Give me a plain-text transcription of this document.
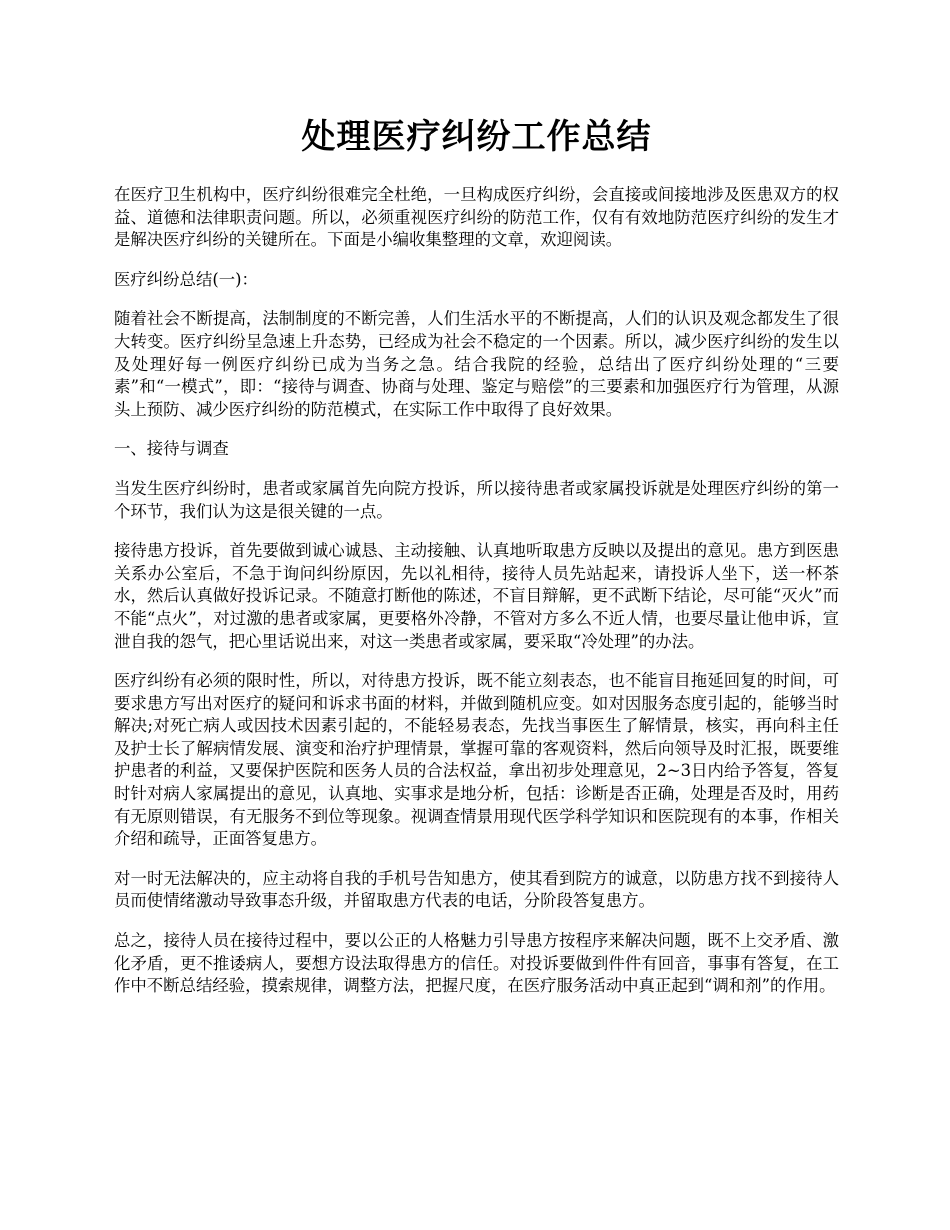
处理医疗纠纷工作总结

在医疗卫生机构中，医疗纠纷很难完全杜绝，一旦构成医疗纠纷，会直接或间接地涉及医患双方的权益、道德和法律职责问题。所以，必须重视医疗纠纷的防范工作，仅有有效地防范医疗纠纷的发生才是解决医疗纠纷的关键所在。下面是小编收集整理的文章，欢迎阅读。

医疗纠纷总结(一)：

随着社会不断提高，法制制度的不断完善，人们生活水平的不断提高，人们的认识及观念都发生了很大转变。医疗纠纷呈急速上升态势，已经成为社会不稳定的一个因素。所以，减少医疗纠纷的发生以及处理好每一例医疗纠纷已成为当务之急。结合我院的经验，总结出了医疗纠纷处理的“三要素”和“一模式”，即：“接待与调查、协商与处理、鉴定与赔偿”的三要素和加强医疗行为管理，从源头上预防、减少医疗纠纷的防范模式，在实际工作中取得了良好效果。

一、接待与调查

当发生医疗纠纷时，患者或家属首先向院方投诉，所以接待患者或家属投诉就是处理医疗纠纷的第一个环节，我们认为这是很关键的一点。

接待患方投诉，首先要做到诚心诚恳、主动接触、认真地听取患方反映以及提出的意见。患方到医患关系办公室后，不急于询问纠纷原因，先以礼相待，接待人员先站起来，请投诉人坐下，送一杯茶水，然后认真做好投诉记录。不随意打断他的陈述，不盲目辩解，更不武断下结论，尽可能“灭火”而不能“点火”，对过激的患者或家属，更要格外冷静，不管对方多么不近人情，也要尽量让他申诉，宣泄自我的怨气，把心里话说出来，对这一类患者或家属，要采取“冷处理”的办法。

医疗纠纷有必须的限时性，所以，对待患方投诉，既不能立刻表态，也不能盲目拖延回复的时间，可要求患方写出对医疗的疑问和诉求书面的材料，并做到随机应变。如对因服务态度引起的，能够当时解决;对死亡病人或因技术因素引起的，不能轻易表态，先找当事医生了解情景，核实，再向科主任及护士长了解病情发展、演变和治疗护理情景，掌握可靠的客观资料，然后向领导及时汇报，既要维护患者的利益，又要保护医院和医务人员的合法权益，拿出初步处理意见，2~3日内给予答复，答复时针对病人家属提出的意见，认真地、实事求是地分析，包括：诊断是否正确，处理是否及时，用药有无原则错误，有无服务不到位等现象。视调查情景用现代医学科学知识和医院现有的本事，作相关介绍和疏导，正面答复患方。

对一时无法解决的，应主动将自我的手机号告知患方，使其看到院方的诚意，以防患方找不到接待人员而使情绪激动导致事态升级，并留取患方代表的电话，分阶段答复患方。

总之，接待人员在接待过程中，要以公正的人格魅力引导患方按程序来解决问题，既不上交矛盾、激化矛盾，更不推诿病人，要想方设法取得患方的信任。对投诉要做到件件有回音，事事有答复，在工作中不断总结经验，摸索规律，调整方法，把握尺度，在医疗服务活动中真正起到“调和剂”的作用。
